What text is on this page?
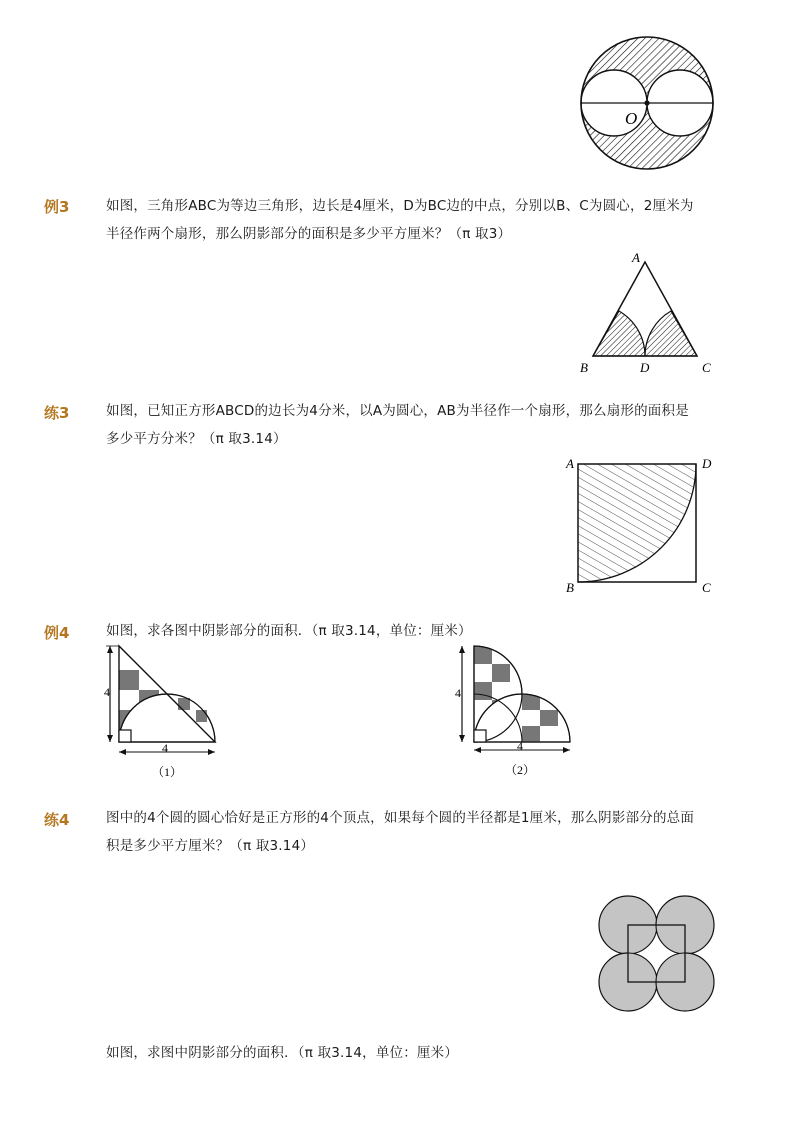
O
例3	如图，三角形ABC为等边三角形，边长是4厘米，D为BC边的中点，分别以B、C为圆心，2厘米为
半径作两个扇形，那么阴影部分的面积是多少平方厘米？（π 取3）
A
B	D	C
练3	如图，已知正方形ABCD的边长为4分米，以A为圆心，AB为半径作一个扇形，那么扇形的面积是
多少平方分米？（π 取3.14）
A	D
B	C
例4	如图，求各图中阴影部分的面积．（π 取3.14，单位：厘米）
4
4
（1）
4
4
（2）
练4	图中的4个圆的圆心恰好是正方形的4个顶点，如果每个圆的半径都是1厘米，那么阴影部分的总面
积是多少平方厘米？（π 取3.14）
如图，求图中阴影部分的面积．（π 取3.14，单位：厘米）
